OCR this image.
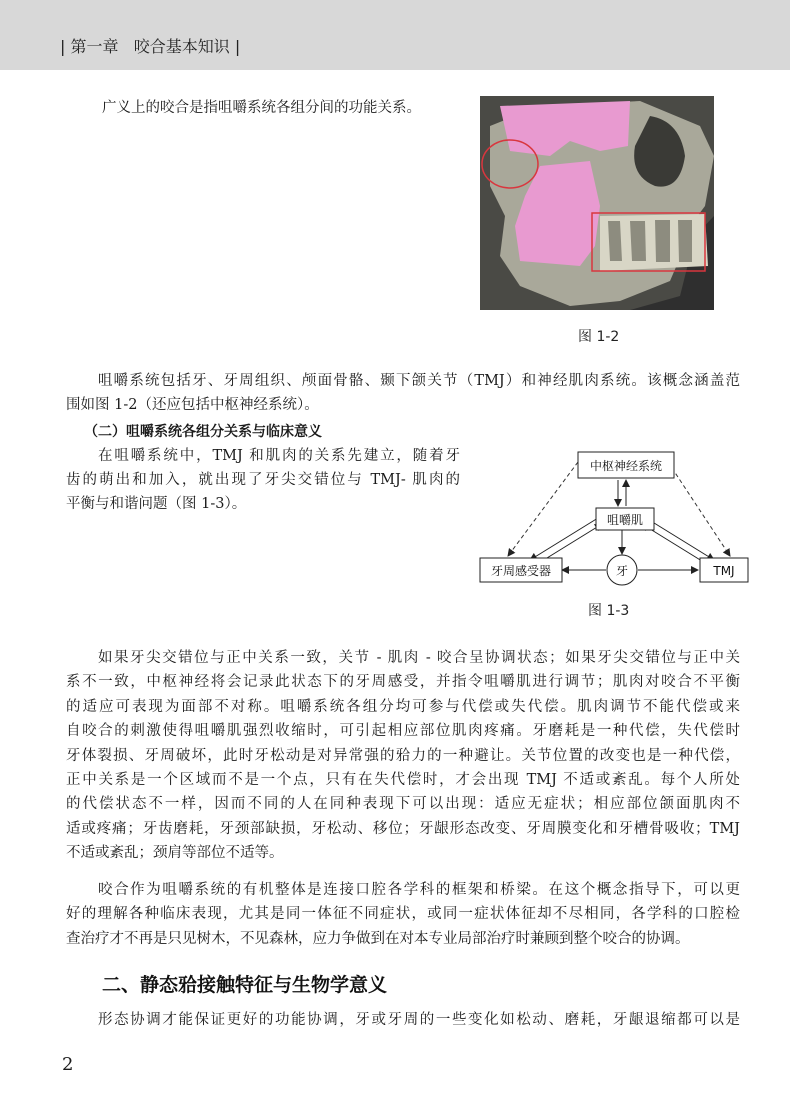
| 第一章 咬合基本知识 |

广义上的咬合是指咀嚼系统各组分间的功能关系。

图 1-2

咀嚼系统包括牙、牙周组织、颅面骨骼、颞下颌关节（TMJ）和神经肌肉系统。该概念涵盖范

围如图 1-2（还应包括中枢神经系统）。

（二）咀嚼系统各组分关系与临床意义

在咀嚼系统中，TMJ 和肌肉的关系先建立，随着牙

齿的萌出和加入，就出现了牙尖交错位与 TMJ- 肌肉的

平衡与和谐问题（图 1-3）。

中枢神经系统
咀嚼肌
牙周感受器	牙	TMJ
图 1-3

如果牙尖交错位与正中关系一致，关节 - 肌肉 - 咬合呈协调状态；如果牙尖交错位与正中关

系不一致，中枢神经将会记录此状态下的牙周感受，并指令咀嚼肌进行调节；肌肉对咬合不平衡

的适应可表现为面部不对称。咀嚼系统各组分均可参与代偿或失代偿。肌肉调节不能代偿或来

自咬合的刺激使得咀嚼肌强烈收缩时，可引起相应部位肌肉疼痛。牙磨耗是一种代偿，失代偿时

牙体裂损、牙周破坏，此时牙松动是对异常强的𬌗力的一种避让。关节位置的改变也是一种代偿，

正中关系是一个区域而不是一个点，只有在失代偿时，才会出现 TMJ 不适或紊乱。每个人所处

的代偿状态不一样，因而不同的人在同种表现下可以出现：适应无症状；相应部位颌面肌肉不

适或疼痛；牙齿磨耗，牙颈部缺损，牙松动、移位；牙龈形态改变、牙周膜变化和牙槽骨吸收；TMJ

不适或紊乱；颈肩等部位不适等。

咬合作为咀嚼系统的有机整体是连接口腔各学科的框架和桥梁。在这个概念指导下，可以更

好的理解各种临床表现，尤其是同一体征不同症状，或同一症状体征却不尽相同，各学科的口腔检

查治疗才不再是只见树木，不见森林，应力争做到在对本专业局部治疗时兼顾到整个咬合的协调。

二、静态𬌗接触特征与生物学意义

形态协调才能保证更好的功能协调，牙或牙周的一些变化如松动、磨耗，牙龈退缩都可以是

2
